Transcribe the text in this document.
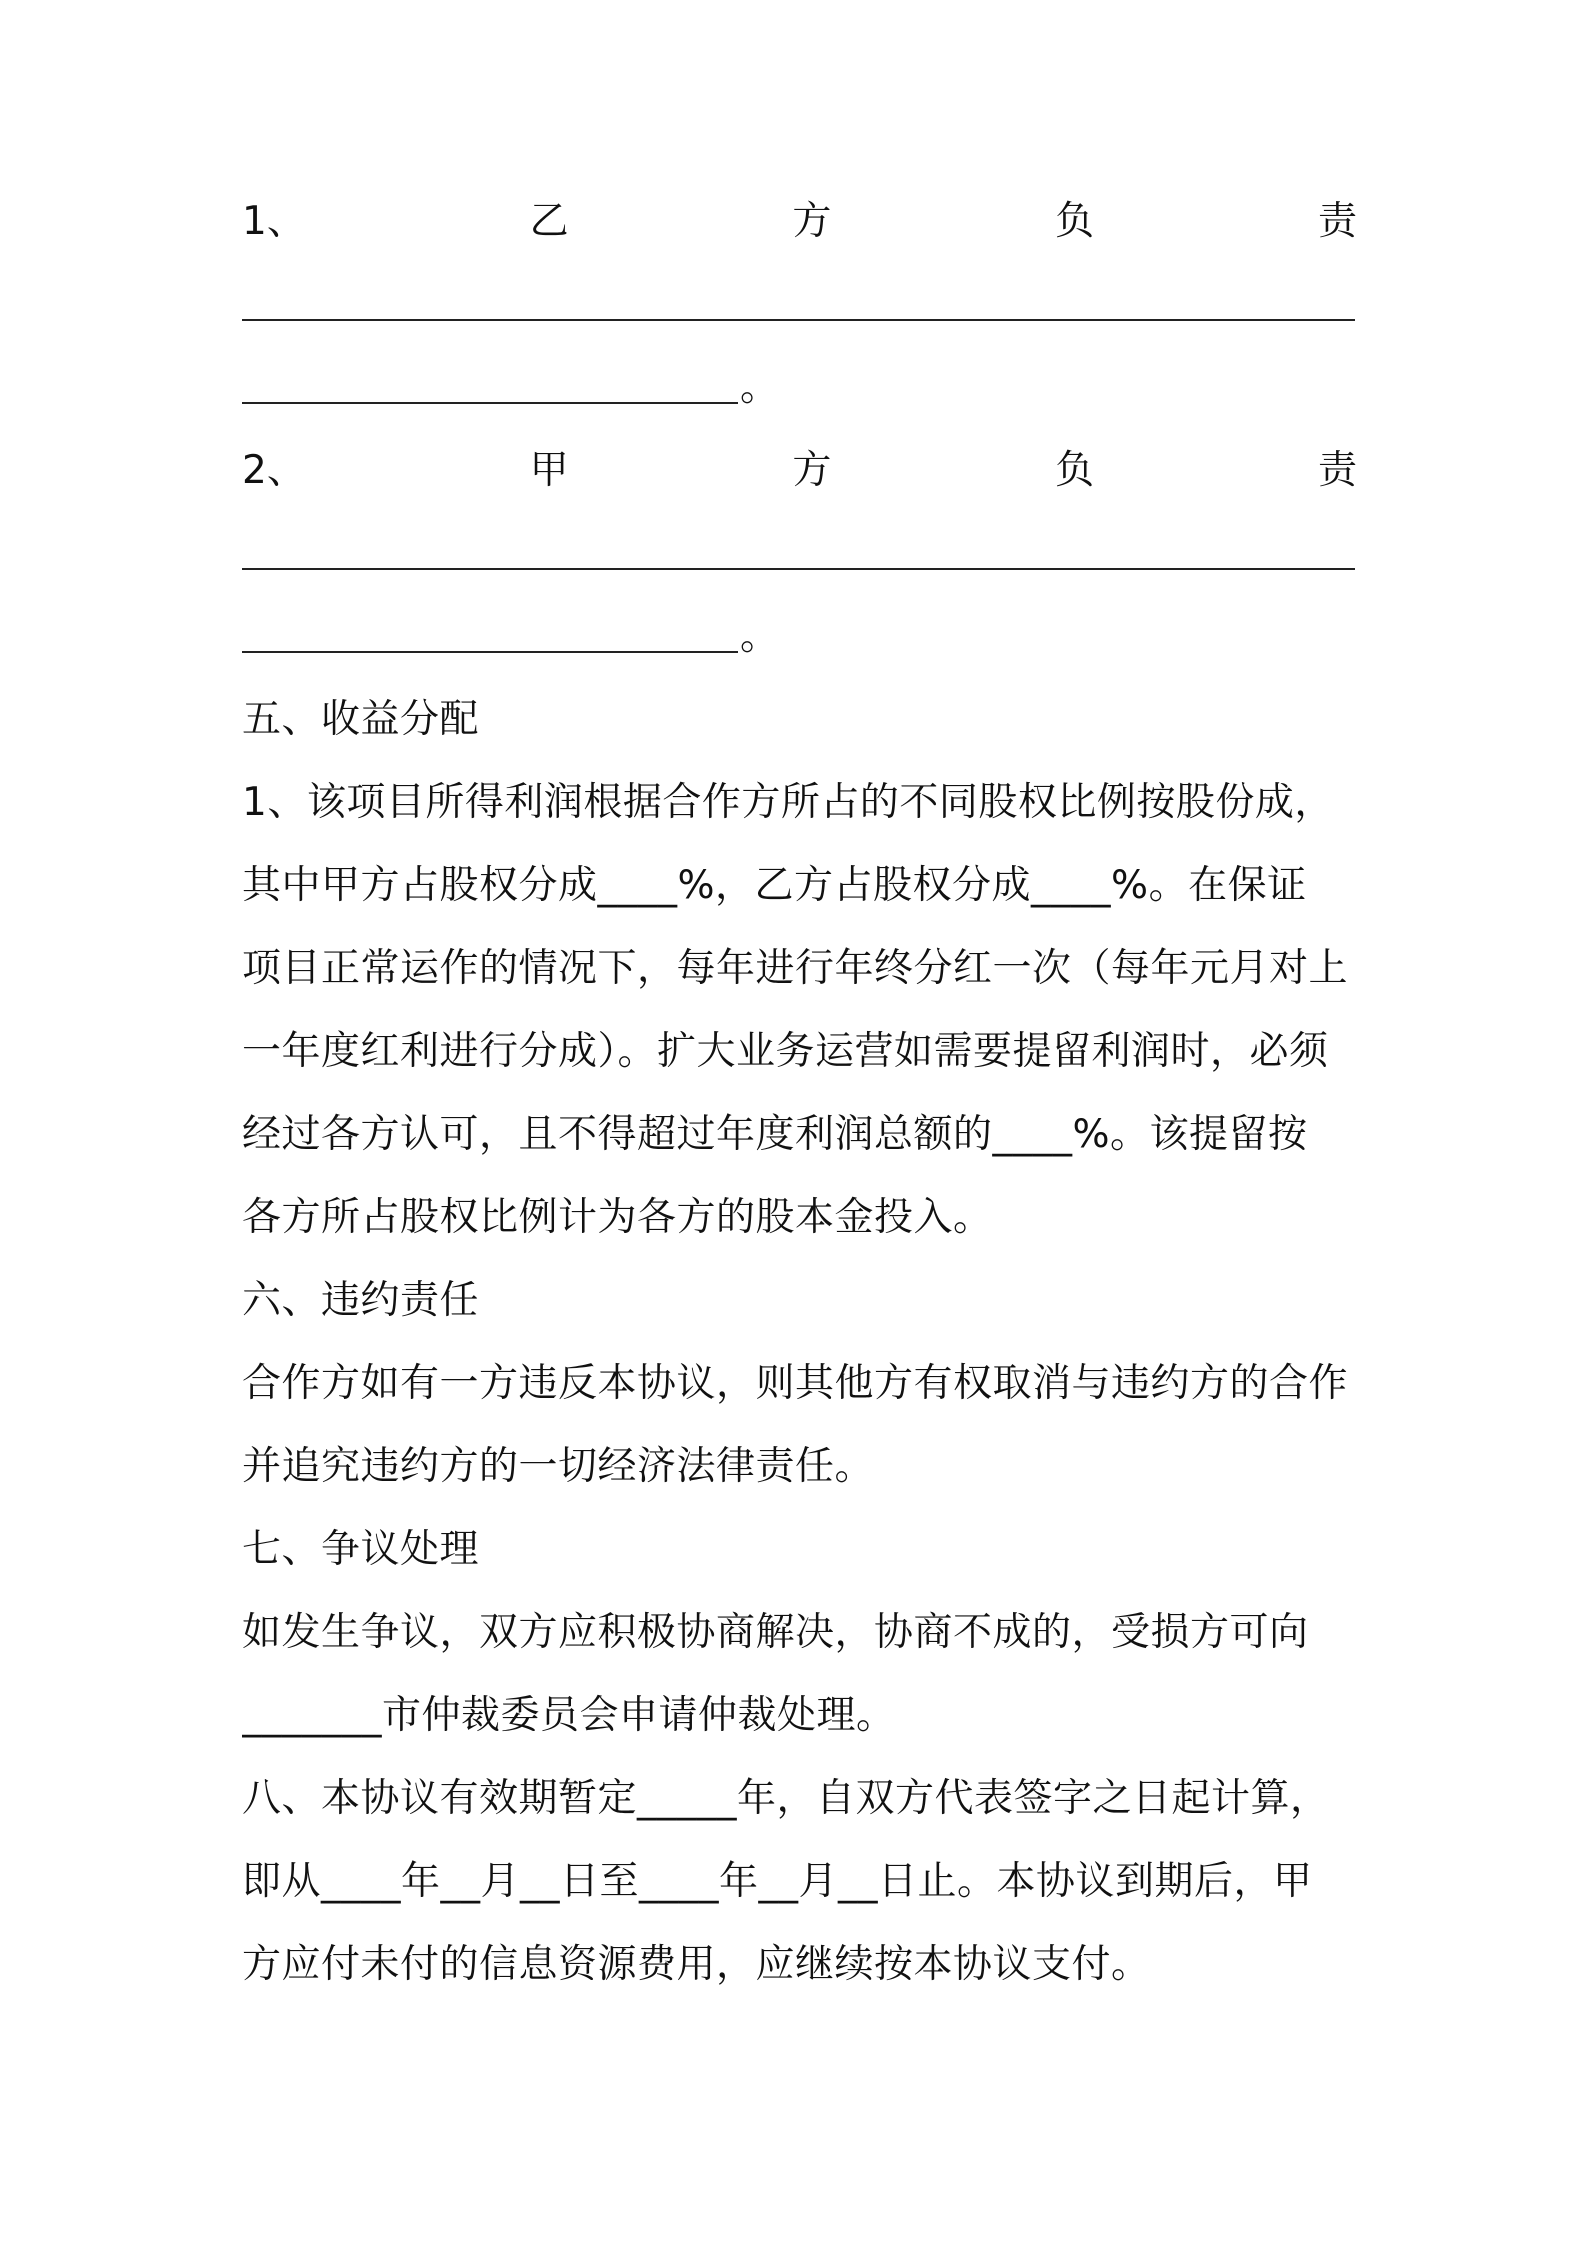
1、	乙	方	负	责
。
2、	甲	方	负	责
。
五、收益分配
1、该项目所得利润根据合作方所占的不同股权比例按股份成，
其中甲方占股权分成____%，乙方占股权分成____%。在保证
项目正常运作的情况下，每年进行年终分红一次（每年元月对上
一年度红利进行分成）。扩大业务运营如需要提留利润时，必须
经过各方认可，且不得超过年度利润总额的____%。该提留按
各方所占股权比例计为各方的股本金投入。
六、违约责任
合作方如有一方违反本协议，则其他方有权取消与违约方的合作
并追究违约方的一切经济法律责任。
七、争议处理
如发生争议，双方应积极协商解决，协商不成的，受损方可向
_______市仲裁委员会申请仲裁处理。
八、本协议有效期暂定_____年，自双方代表签字之日起计算，
即从____年__月__日至____年__月__日止。本协议到期后，甲
方应付未付的信息资源费用，应继续按本协议支付。
